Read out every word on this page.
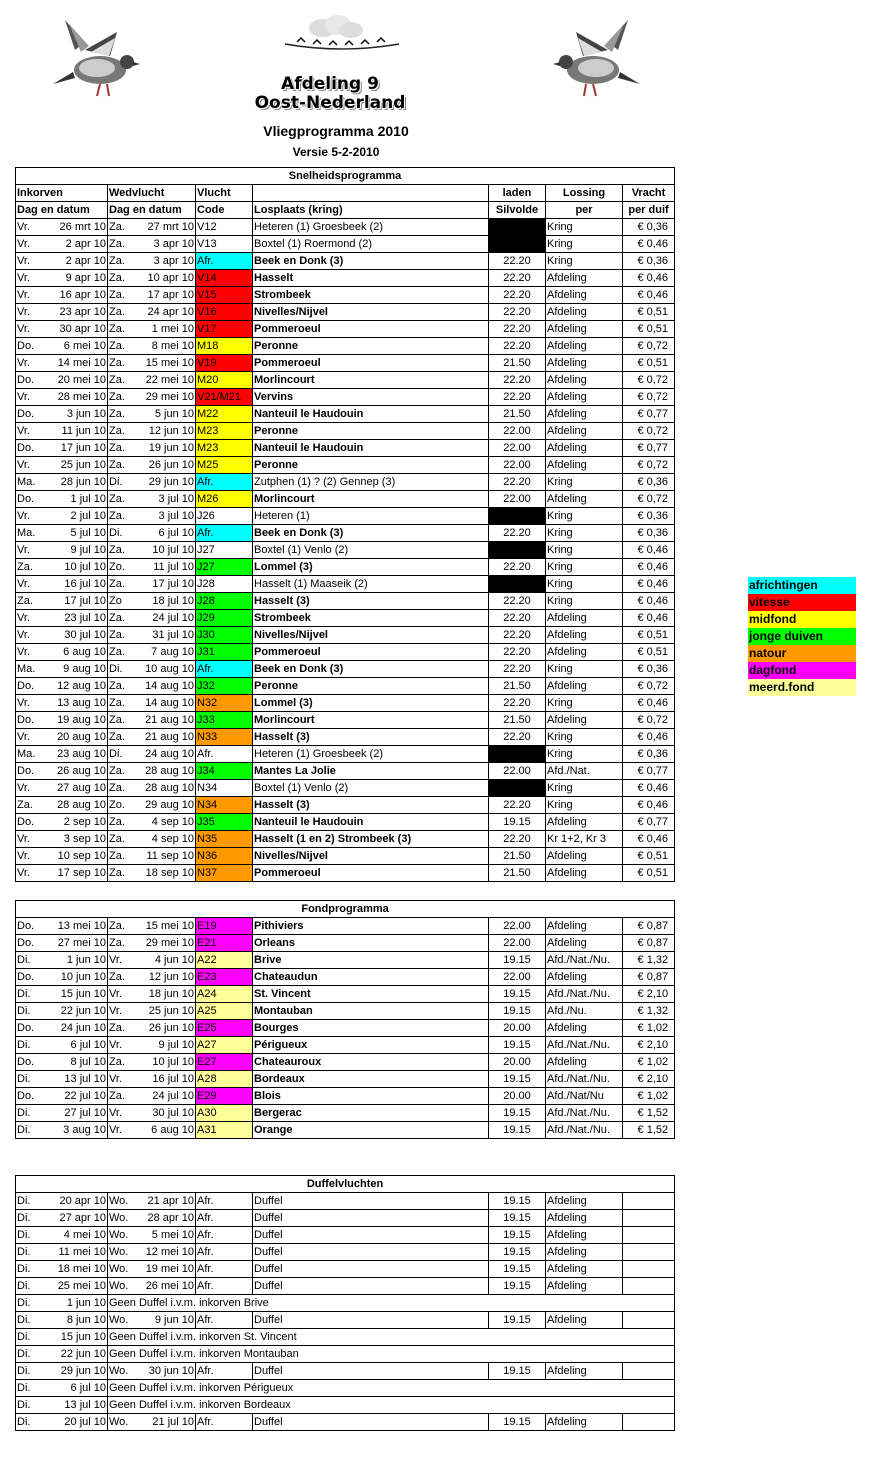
Afdeling 9
Oost-Nederland
Vliegprogramma 2010
Versie 5-2-2010
Snelheidsprogramma								
Inkorven		Wedvlucht		Vlucht		laden	Lossing	Vracht
Dag en datum		Dag en datum		Code	Losplaats (kring)	Silvolde	per	per duif
Vr.	26 mrt 10	Za.	27 mrt 10	V12	Heteren (1) Groesbeek (2)		Kring	€ 0,36
Vr.	2 apr 10	Za.	3 apr 10	V13	Boxtel (1) Roermond (2)		Kring	€ 0,46
Vr.	2 apr 10	Za.	3 apr 10	Afr.	Beek en Donk (3)	22.20	Kring	€ 0,36
Vr.	9 apr 10	Za.	10 apr 10	V14	Hasselt	22.20	Afdeling	€ 0,46
Vr.	16 apr 10	Za.	17 apr 10	V15	Strombeek	22.20	Afdeling	€ 0,46
Vr.	23 apr 10	Za.	24 apr 10	V16	Nivelles/Nijvel	22.20	Afdeling	€ 0,51
Vr.	30 apr 10	Za.	1 mei 10	V17	Pommeroeul	22.20	Afdeling	€ 0,51
Do.	6 mei 10	Za.	8 mei 10	M18	Peronne	22.20	Afdeling	€ 0,72
Vr.	14 mei 10	Za.	15 mei 10	V19	Pommeroeul	21.50	Afdeling	€ 0,51
Do.	20 mei 10	Za.	22 mei 10	M20	Morlincourt	22.20	Afdeling	€ 0,72
Vr.	28 mei 10	Za.	29 mei 10	V21/M21	Vervins	22.20	Afdeling	€ 0,72
Do.	3 jun 10	Za.	5 jun 10	M22	Nanteuil le Haudouin	21.50	Afdeling	€ 0,77
Vr.	11 jun 10	Za.	12 jun 10	M23	Peronne	22.00	Afdeling	€ 0,72
Do.	17 jun 10	Za.	19 jun 10	M23	Nanteuil le Haudouin	22.00	Afdeling	€ 0,77
Vr.	25 jun 10	Za.	26 jun 10	M25	Peronne	22.00	Afdeling	€ 0,72
Ma.	28 jun 10	Di.	29 jun 10	Afr.	Zutphen (1) ? (2) Gennep (3)	22.20	Kring	€ 0,36
Do.	1 jul 10	Za.	3 jul 10	M26	Morlincourt	22.00	Afdeling	€ 0,72
Vr.	2 jul 10	Za.	3 jul 10	J26	Heteren (1)		Kring	€ 0,36
Ma.	5 jul 10	Di.	6 jul 10	Afr.	Beek en Donk (3)	22.20	Kring	€ 0,36
Vr.	9 jul 10	Za.	10 jul 10	J27	Boxtel (1) Venlo (2)		Kring	€ 0,46
Za.	10 jul 10	Zo.	11 jul 10	J27	Lommel (3)	22.20	Kring	€ 0,46
Vr.	16 jul 10	Za.	17 jul 10	J28	Hasselt (1) Maaseik (2)		Kring	€ 0,46
Za.	17 jul 10	Zo	18 jul 10	J28	Hasselt (3)	22.20	Kring	€ 0,46
Vr.	23 jul 10	Za.	24 jul 10	J29	Strombeek	22.20	Afdeling	€ 0,46
Vr.	30 jul 10	Za.	31 jul 10	J30	Nivelles/Nijvel	22.20	Afdeling	€ 0,51
Vr.	6 aug 10	Za.	7 aug 10	J31	Pommeroeul	22.20	Afdeling	€ 0,51
Ma.	9 aug 10	Di.	10 aug 10	Afr.	Beek en Donk (3)	22.20	Kring	€ 0,36
Do.	12 aug 10	Za.	14 aug 10	J32	Peronne	21.50	Afdeling	€ 0,72
Vr.	13 aug 10	Za.	14 aug 10	N32	Lommel (3)	22.20	Kring	€ 0,46
Do.	19 aug 10	Za.	21 aug 10	J33	Morlincourt	21.50	Afdeling	€ 0,72
Vr.	20 aug 10	Za.	21 aug 10	N33	Hasselt (3)	22.20	Kring	€ 0,46
Ma.	23 aug 10	Di.	24 aug 10	Afr.	Heteren (1) Groesbeek (2)		Kring	€ 0,36
Do.	26 aug 10	Za.	28 aug 10	J34	Mantes La Jolie	22.00	Afd./Nat.	€ 0,77
Vr.	27 aug 10	Za.	28 aug 10	N34	Boxtel (1) Venlo (2)		Kring	€ 0,46
Za.	28 aug 10	Zo.	29 aug 10	N34	Hasselt (3)	22.20	Kring	€ 0,46
Do.	2 sep 10	Za.	4 sep 10	J35	Nanteuil le Haudouin	19.15	Afdeling	€ 0,77
Vr.	3 sep 10	Za.	4 sep 10	N35	Hasselt (1 en 2) Strombeek (3)	22.20	Kr 1+2, Kr 3	€ 0,46
Vr.	10 sep 10	Za.	11 sep 10	N36	Nivelles/Nijvel	21.50	Afdeling	€ 0,51
Vr.	17 sep 10	Za.	18 sep 10	N37	Pommeroeul	21.50	Afdeling	€ 0,51
Fondprogramma								
Do.	13 mei 10	Za.	15 mei 10	E19	Pithiviers	22.00	Afdeling	€ 0,87
Do.	27 mei 10	Za.	29 mei 10	E21	Orleans	22.00	Afdeling	€ 0,87
Di.	1 jun 10	Vr.	4 jun 10	A22	Brive	19.15	Afd./Nat./Nu.	€ 1,32
Do.	10 jun 10	Za.	12 jun 10	E23	Chateaudun	22.00	Afdeling	€ 0,87
Di.	15 jun 10	Vr.	18 jun 10	A24	St. Vincent	19.15	Afd./Nat./Nu.	€ 2,10
Di.	22 jun 10	Vr.	25 jun 10	A25	Montauban	19.15	Afd./Nu.	€ 1,32
Do.	24 jun 10	Za.	26 jun 10	E25	Bourges	20.00	Afdeling	€ 1,02
Di.	6 jul 10	Vr.	9 jul 10	A27	Périgueux	19.15	Afd./Nat./Nu.	€ 2,10
Do.	8 jul 10	Za.	10 jul 10	E27	Chateauroux	20.00	Afdeling	€ 1,02
Di.	13 jul 10	Vr.	16 jul 10	A28	Bordeaux	19.15	Afd./Nat./Nu.	€ 2,10
Do.	22 jul 10	Za.	24 jul 10	E29	Blois	20.00	Afd./Nat/Nu	€ 1,02
Di.	27 jul 10	Vr.	30 jul 10	A30	Bergerac	19.15	Afd./Nat./Nu.	€ 1,52
Di.	3 aug 10	Vr.	6 aug 10	A31	Orange	19.15	Afd./Nat./Nu.	€ 1,52
Duffelvluchten								
Di.	20 apr 10	Wo.	21 apr 10	Afr.	Duffel	19.15	Afdeling	
Di.	27 apr 10	Wo.	28 apr 10	Afr.	Duffel	19.15	Afdeling	
Di.	4 mei 10	Wo.	5 mei 10	Afr.	Duffel	19.15	Afdeling	
Di.	11 mei 10	Wo.	12 mei 10	Afr.	Duffel	19.15	Afdeling	
Di.	18 mei 10	Wo.	19 mei 10	Afr.	Duffel	19.15	Afdeling	
Di.	25 mei 10	Wo.	26 mei 10	Afr.	Duffel	19.15	Afdeling	
Di.	1 jun 10	Geen Duffel i.v.m. inkorven Brive						
Di.	8 jun 10	Wo.	9 jun 10	Afr.	Duffel	19.15	Afdeling	
Di.	15 jun 10	Geen Duffel i.v.m. inkorven St. Vincent						
Di.	22 jun 10	Geen Duffel i.v.m. inkorven Montauban						
Di.	29 jun 10	Wo.	30 jun 10	Afr.	Duffel	19.15	Afdeling	
Di.	6 jul 10	Geen Duffel i.v.m. inkorven Périgueux						
Di.	13 jul 10	Geen Duffel i.v.m. inkorven Bordeaux						
Di.	20 jul 10	Wo.	21 jul 10	Afr.	Duffel	19.15	Afdeling	
africhtingen
vitesse
midfond
jonge duiven
natour
dagfond
meerd.fond
